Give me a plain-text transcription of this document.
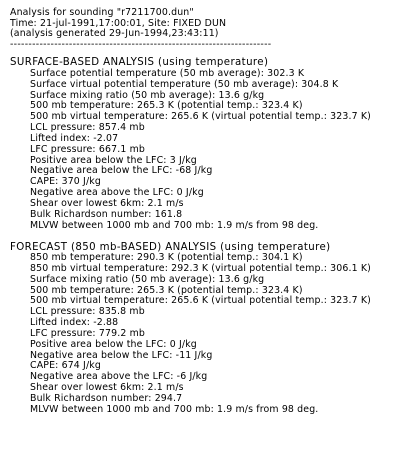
Analysis for sounding "r7211700.dun"
Time: 21-jul-1991,17:00:01, Site: FIXED DUN
(analysis generated 29-Jun-1994,23:43:11)
-----------------------------------------------------------------------
SURFACE-BASED ANALYSIS (using temperature)
Surface potential temperature (50 mb average): 302.3 K
Surface virtual potential temperature (50 mb average): 304.8 K
Surface mixing ratio (50 mb average): 13.6 g/kg
500 mb temperature: 265.3 K (potential temp.: 323.4 K)
500 mb virtual temperature: 265.6 K (virtual potential temp.: 323.7 K)
LCL pressure: 857.4 mb
Lifted index: -2.07
LFC pressure: 667.1 mb
Positive area below the LFC: 3 J/kg
Negative area below the LFC: -68 J/kg
CAPE: 370 J/kg
Negative area above the LFC: 0 J/kg
Shear over lowest 6km: 2.1 m/s
Bulk Richardson number: 161.8
MLVW between 1000 mb and 700 mb: 1.9 m/s from 98 deg.
FORECAST (850 mb-BASED) ANALYSIS (using temperature)
850 mb temperature: 290.3 K (potential temp.: 304.1 K)
850 mb virtual temperature: 292.3 K (virtual potential temp.: 306.1 K)
Surface mixing ratio (50 mb average): 13.6 g/kg
500 mb temperature: 265.3 K (potential temp.: 323.4 K)
500 mb virtual temperature: 265.6 K (virtual potential temp.: 323.7 K)
LCL pressure: 835.8 mb
Lifted index: -2.88
LFC pressure: 779.2 mb
Positive area below the LFC: 0 J/kg
Negative area below the LFC: -11 J/kg
CAPE: 674 J/kg
Negative area above the LFC: -6 J/kg
Shear over lowest 6km: 2.1 m/s
Bulk Richardson number: 294.7
MLVW between 1000 mb and 700 mb: 1.9 m/s from 98 deg.
